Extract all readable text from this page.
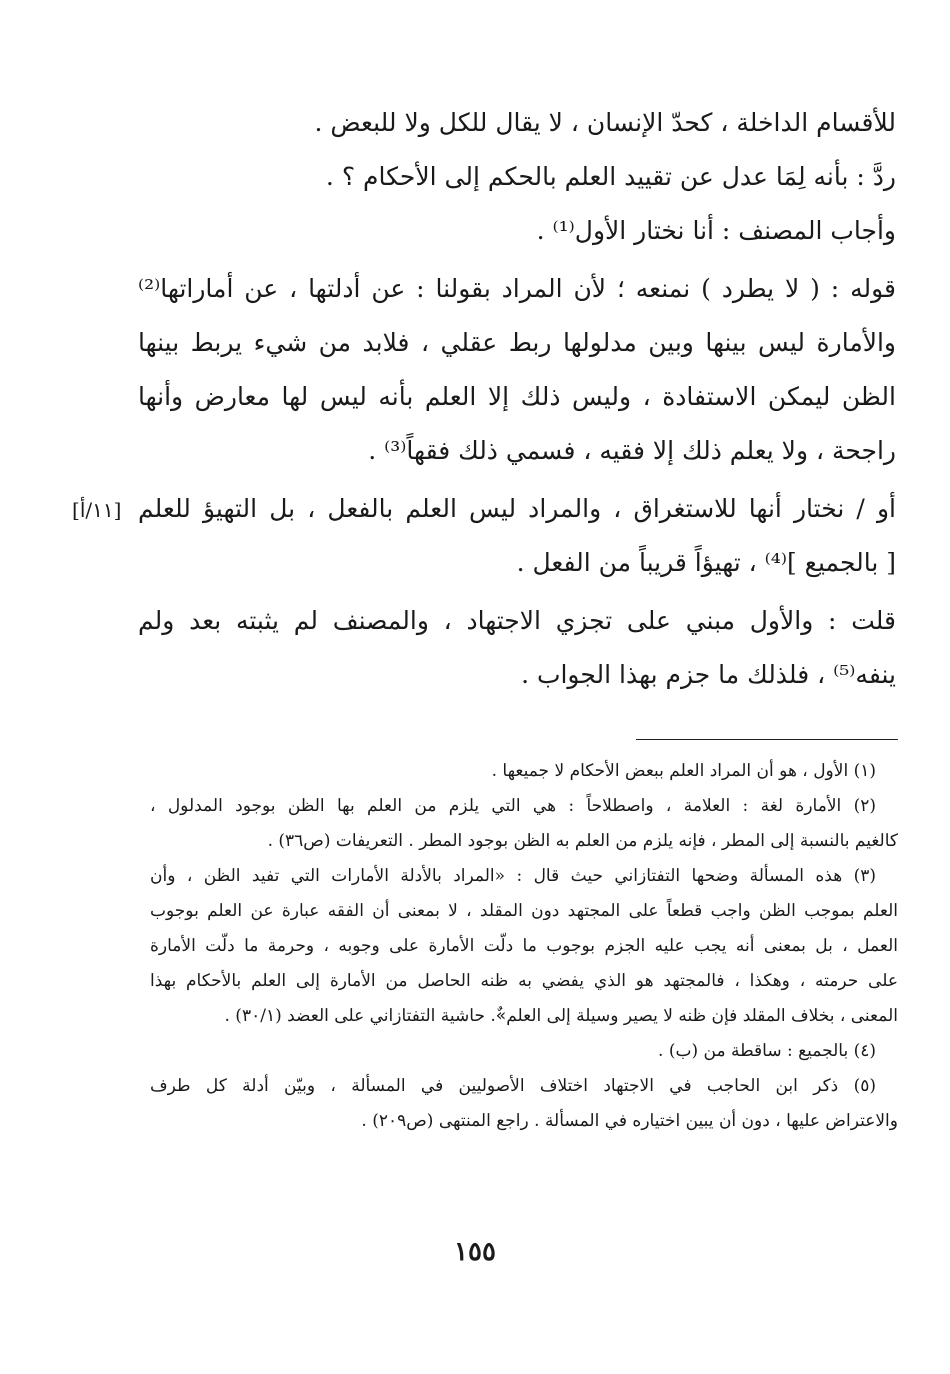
للأقسام الداخلة ، كحدّ الإنسان ، لا يقال للكل ولا للبعض .
ردَّ : بأنه لِمَا عدل عن تقييد العلم بالحكم إلى الأحكام ؟ .
وأجاب المصنف : أنا نختار الأول⁽¹⁾ .
قوله : ( لا يطرد ) نمنعه ؛ لأن المراد بقولنا : عن أدلتها ، عن أماراتها⁽²⁾
والأمارة ليس بينها وبين مدلولها ربط عقلي ، فلابد من شيء يربط بينها
الظن ليمكن الاستفادة ، وليس ذلك إلا العلم بأنه ليس لها معارض وأنها
راجحة ، ولا يعلم ذلك إلا فقيه ، فسمي ذلك فقهاً⁽³⁾ .
أو / نختار أنها للاستغراق ، والمراد ليس العلم بالفعل ، بل التهيؤ للعلم
[ بالجميع ]⁽⁴⁾ ، تهيؤاً قريباً من الفعل .
قلت : والأول مبني على تجزي الاجتهاد ، والمصنف لم يثبته بعد ولم
ينفه⁽⁵⁾ ، فلذلك ما جزم بهذا الجواب .
[١١/أ]
(١) الأول ، هو أن المراد العلم ببعض الأحكام لا جميعها .
(٢) الأمارة لغة : العلامة ، واصطلاحاً : هي التي يلزم من العلم بها الظن بوجود المدلول ،
كالغيم بالنسبة إلى المطر ، فإنه يلزم من العلم به الظن بوجود المطر . التعريفات (ص٣٦) .
(٣) هذه المسألة وضحها التفتازاني حيث قال : «المراد بالأدلة الأمارات التي تفيد الظن ، وأن
العلم بموجب الظن واجب قطعاً على المجتهد دون المقلد ، لا بمعنى أن الفقه عبارة عن العلم بوجوب
العمل ، بل بمعنى أنه يجب عليه الجزم بوجوب ما دلّت الأمارة على وجوبه ، وحرمة ما دلّت الأمارة
على حرمته ، وهكذا ، فالمجتهد هو الذي يفضي به ظنه الحاصل من الأمارة إلى العلم بالأحكام بهذا
المعنى ، بخلاف المقلد فإن ظنه لا يصير وسيلة إلى العلم»ٌ. حاشية التفتازاني على العضد (٣٠/١) .
(٤) بالجميع : ساقطة من (ب) .
(٥) ذكر ابن الحاجب في الاجتهاد اختلاف الأصوليين في المسألة ، وبيّن أدلة كل طرف
والاعتراض عليها ، دون أن يبين اختياره في المسألة . راجع المنتهى (ص٢٠٩) .
١٥٥
